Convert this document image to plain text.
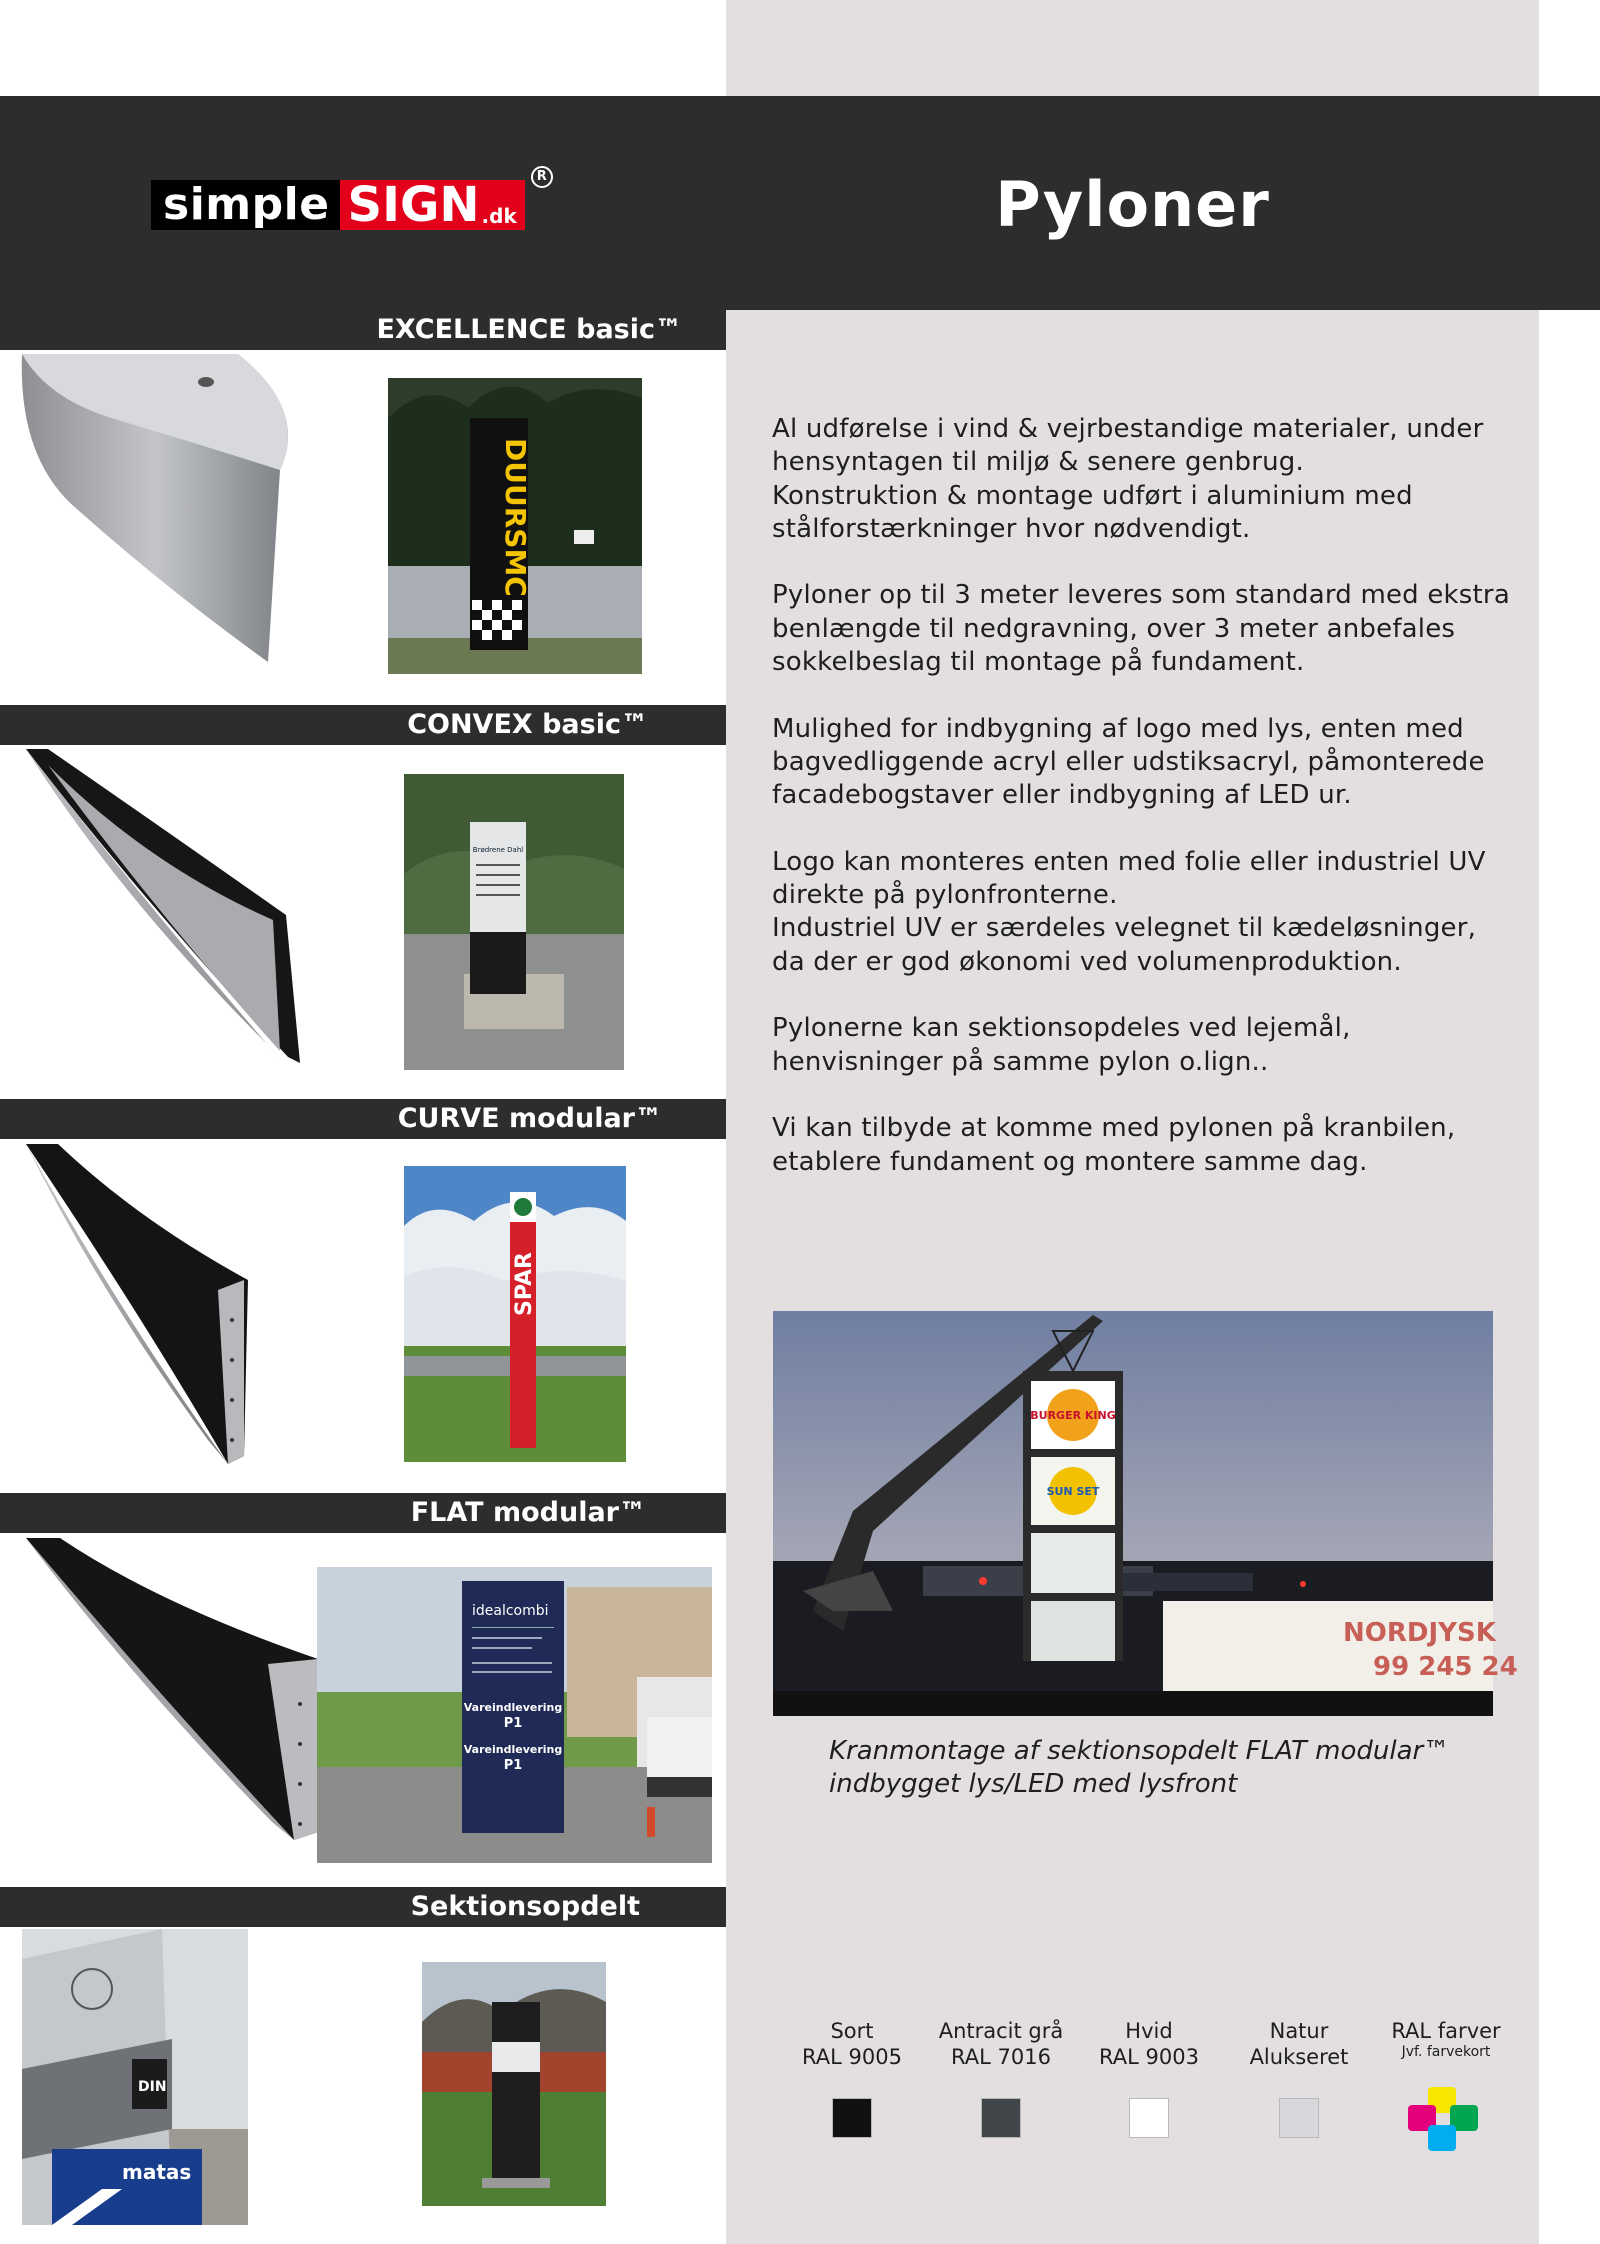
simple SIGN .dk
R	Pyloner
EXCELLENCE basic™
CONVEX basic™
CURVE modular™
FLAT modular™
Sektionsopdelt
DUURSMC
Brødrene Dahl
SPAR
idealcombi
Vareindlevering
P1
Vareindlevering
P1
DIN
matas

Al udførelse i vind & vejrbestandige materialer, under hensyntagen til miljø & senere genbrug.
Konstruktion & montage udført i aluminium med stålforstærkninger hvor nødvendigt.

Pyloner op til 3 meter leveres som standard med ekstra benlængde til nedgravning, over 3 meter anbefales sokkelbeslag til montage på fundament.

Mulighed for indbygning af logo med lys, enten med bagvedliggende acryl eller udstiksacryl, påmonterede facadebogstaver eller indbygning af LED ur.

Logo kan monteres enten med folie eller industriel UV direkte på pylonfronterne.
Industriel UV er særdeles velegnet til kædeløsninger, da der er god økonomi ved volumenproduktion.

Pylonerne kan sektionsopdeles ved lejemål, henvisninger på samme pylon o.lign..

Vi kan tilbyde at komme med pylonen på kranbilen, etablere fundament og montere samme dag.

BURGER KING
SUN SET
NORDJYSK
99 245 24
Kranmontage af sektionsopdelt FLAT modular™
indbygget lys/LED med lysfront
Sort
RAL 9005
Antracit grå
RAL 7016
Hvid
RAL 9003
Natur
Alukseret
RAL farver
Jvf. farvekort
